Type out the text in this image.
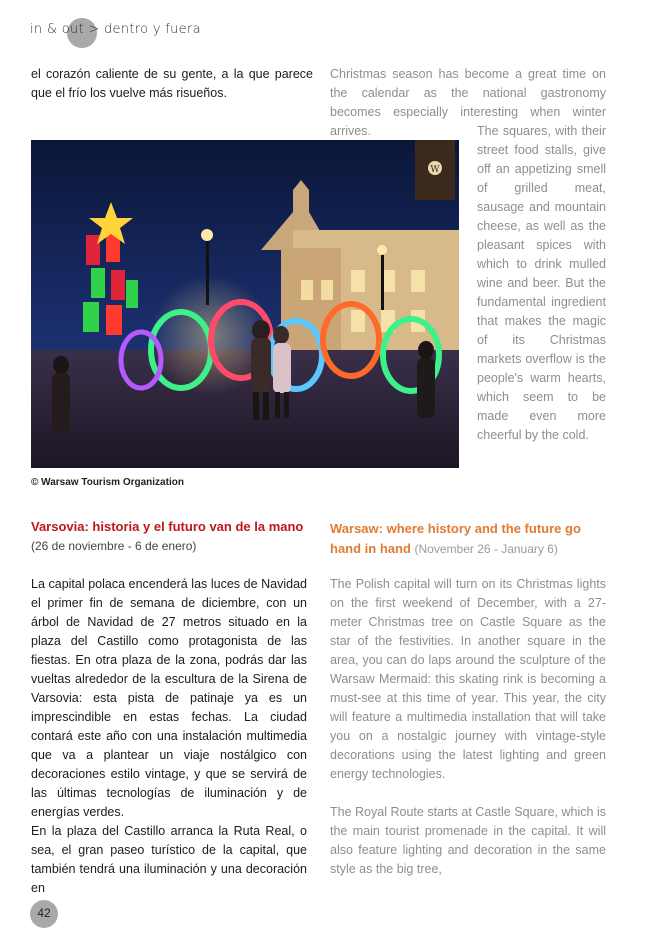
in & out > dentro y fuera

el corazón caliente de su gente, a la que parece que el frío los vuelve más risueños.

Christmas season has become a great time on the calendar as the national gastronomy becomes especially interesting when winter arrives.

W

The squares, with their street food stalls, give off an appetizing smell of grilled meat, sausage and mountain cheese, as well as the pleasant spices with which to drink mulled wine and beer. But the fundamental ingredient that makes the magic of its Christmas markets overflow is the people's warm hearts, which seem to be made even more cheerful by the cold.

© Warsaw Tourism Organization
Varsovia: historia y el futuro van de la mano
(26 de noviembre - 6 de enero)

La capital polaca encenderá las luces de Navidad el primer fin de semana de diciembre, con un árbol de Navidad de 27 metros situado en la plaza del Castillo como protagonista de las fiestas. En otra plaza de la zona, podrás dar las vueltas alrededor de la escultura de la Sirena de Varsovia: esta pista de patinaje ya es un imprescindible en estas fechas. La ciudad contará este año con una instalación multimedia que va a plantear un viaje nostálgico con decoraciones estilo vintage, y que se servirá de las últimas tecnologías de iluminación y de energías verdes.

En la plaza del Castillo arranca la Ruta Real, o sea, el gran paseo turístico de la capital, que también tendrá una iluminación y una decoración en

Warsaw: where history and the future go hand in hand (November 26 - January 6)

The Polish capital will turn on its Christmas lights on the first weekend of December, with a 27-meter Christmas tree on Castle Square as the star of the festivities. In another square in the area, you can do laps around the sculpture of the Warsaw Mermaid: this skating rink is becoming a must-see at this time of year. This year, the city will feature a multimedia installation that will take you on a nostalgic journey with vintage-style decorations using the latest lighting and green energy technologies.

The Royal Route starts at Castle Square, which is the main tourist promenade in the capital. It will also feature lighting and decoration in the same style as the big tree,

42
